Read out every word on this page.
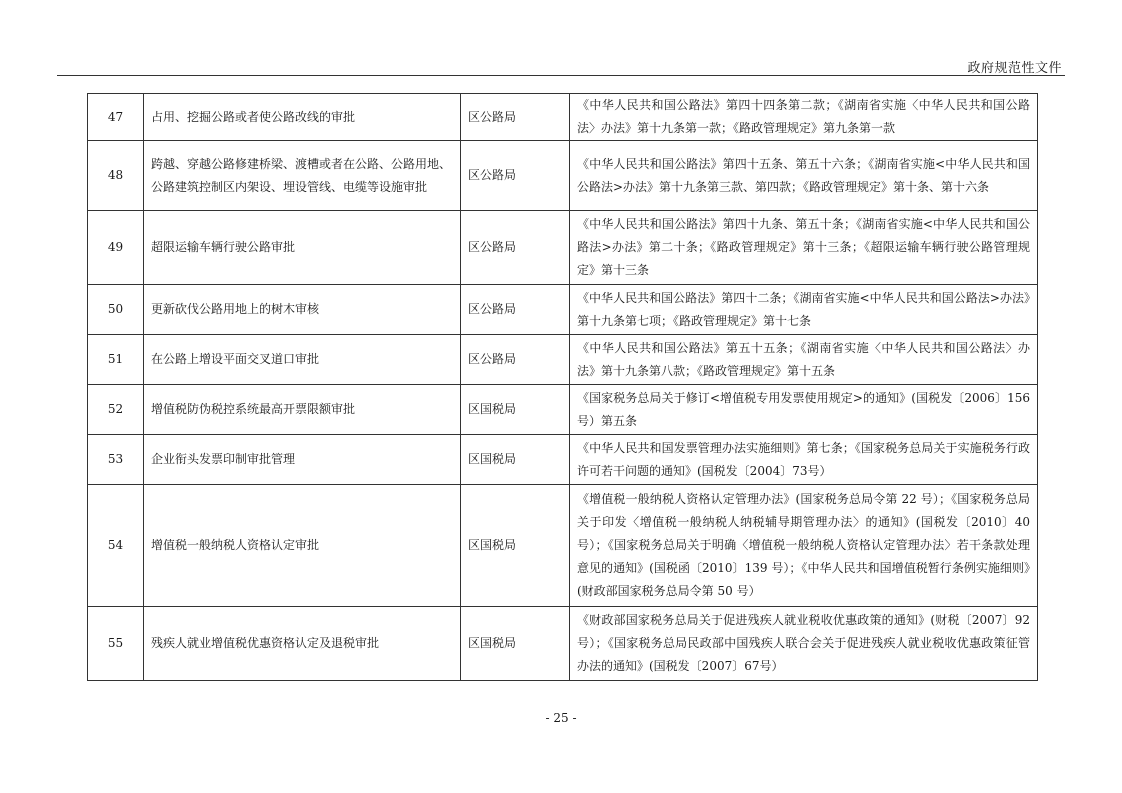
政府规范性文件
47	占用、挖掘公路或者使公路改线的审批	区公路局	《中华人民共和国公路法》第四十四条第二款；《湖南省实施〈中华人民共和国公路法〉办法》第十九条第一款；《路政管理规定》第九条第一款
48	跨越、穿越公路修建桥梁、渡槽或者在公路、公路用地、公路建筑控制区内架设、埋设管线、电缆等设施审批	区公路局	《中华人民共和国公路法》第四十五条、第五十六条；《湖南省实施<中华人民共和国公路法>办法》第十九条第三款、第四款；《路政管理规定》第十条、第十六条
49	超限运输车辆行驶公路审批	区公路局	《中华人民共和国公路法》第四十九条、第五十条；《湖南省实施<中华人民共和国公路法>办法》第二十条；《路政管理规定》第十三条；《超限运输车辆行驶公路管理规定》第十三条
50	更新砍伐公路用地上的树木审核	区公路局	《中华人民共和国公路法》第四十二条；《湖南省实施<中华人民共和国公路法>办法》第十九条第七项；《路政管理规定》第十七条
51	在公路上增设平面交叉道口审批	区公路局	《中华人民共和国公路法》第五十五条；《湖南省实施〈中华人民共和国公路法〉办法》第十九条第八款；《路政管理规定》第十五条
52	增值税防伪税控系统最高开票限额审批	区国税局	《国家税务总局关于修订<增值税专用发票使用规定>的通知》(国税发〔2006〕156号）第五条
53	企业衔头发票印制审批管理	区国税局	《中华人民共和国发票管理办法实施细则》第七条；《国家税务总局关于实施税务行政许可若干问题的通知》(国税发〔2004〕73号）
54	增值税一般纳税人资格认定审批	区国税局	《增值税一般纳税人资格认定管理办法》(国家税务总局令第 22 号）；《国家税务总局关于印发〈增值税一般纳税人纳税辅导期管理办法〉的通知》(国税发〔2010〕40 号）；《国家税务总局关于明确〈增值税一般纳税人资格认定管理办法〉若干条款处理意见的通知》(国税函〔2010〕139 号）；《中华人民共和国增值税暂行条例实施细则》(财政部国家税务总局令第 50 号）
55	残疾人就业增值税优惠资格认定及退税审批	区国税局	《财政部国家税务总局关于促进残疾人就业税收优惠政策的通知》(财税〔2007〕92号）；《国家税务总局民政部中国残疾人联合会关于促进残疾人就业税收优惠政策征管办法的通知》(国税发〔2007〕67号）
- 25 -
